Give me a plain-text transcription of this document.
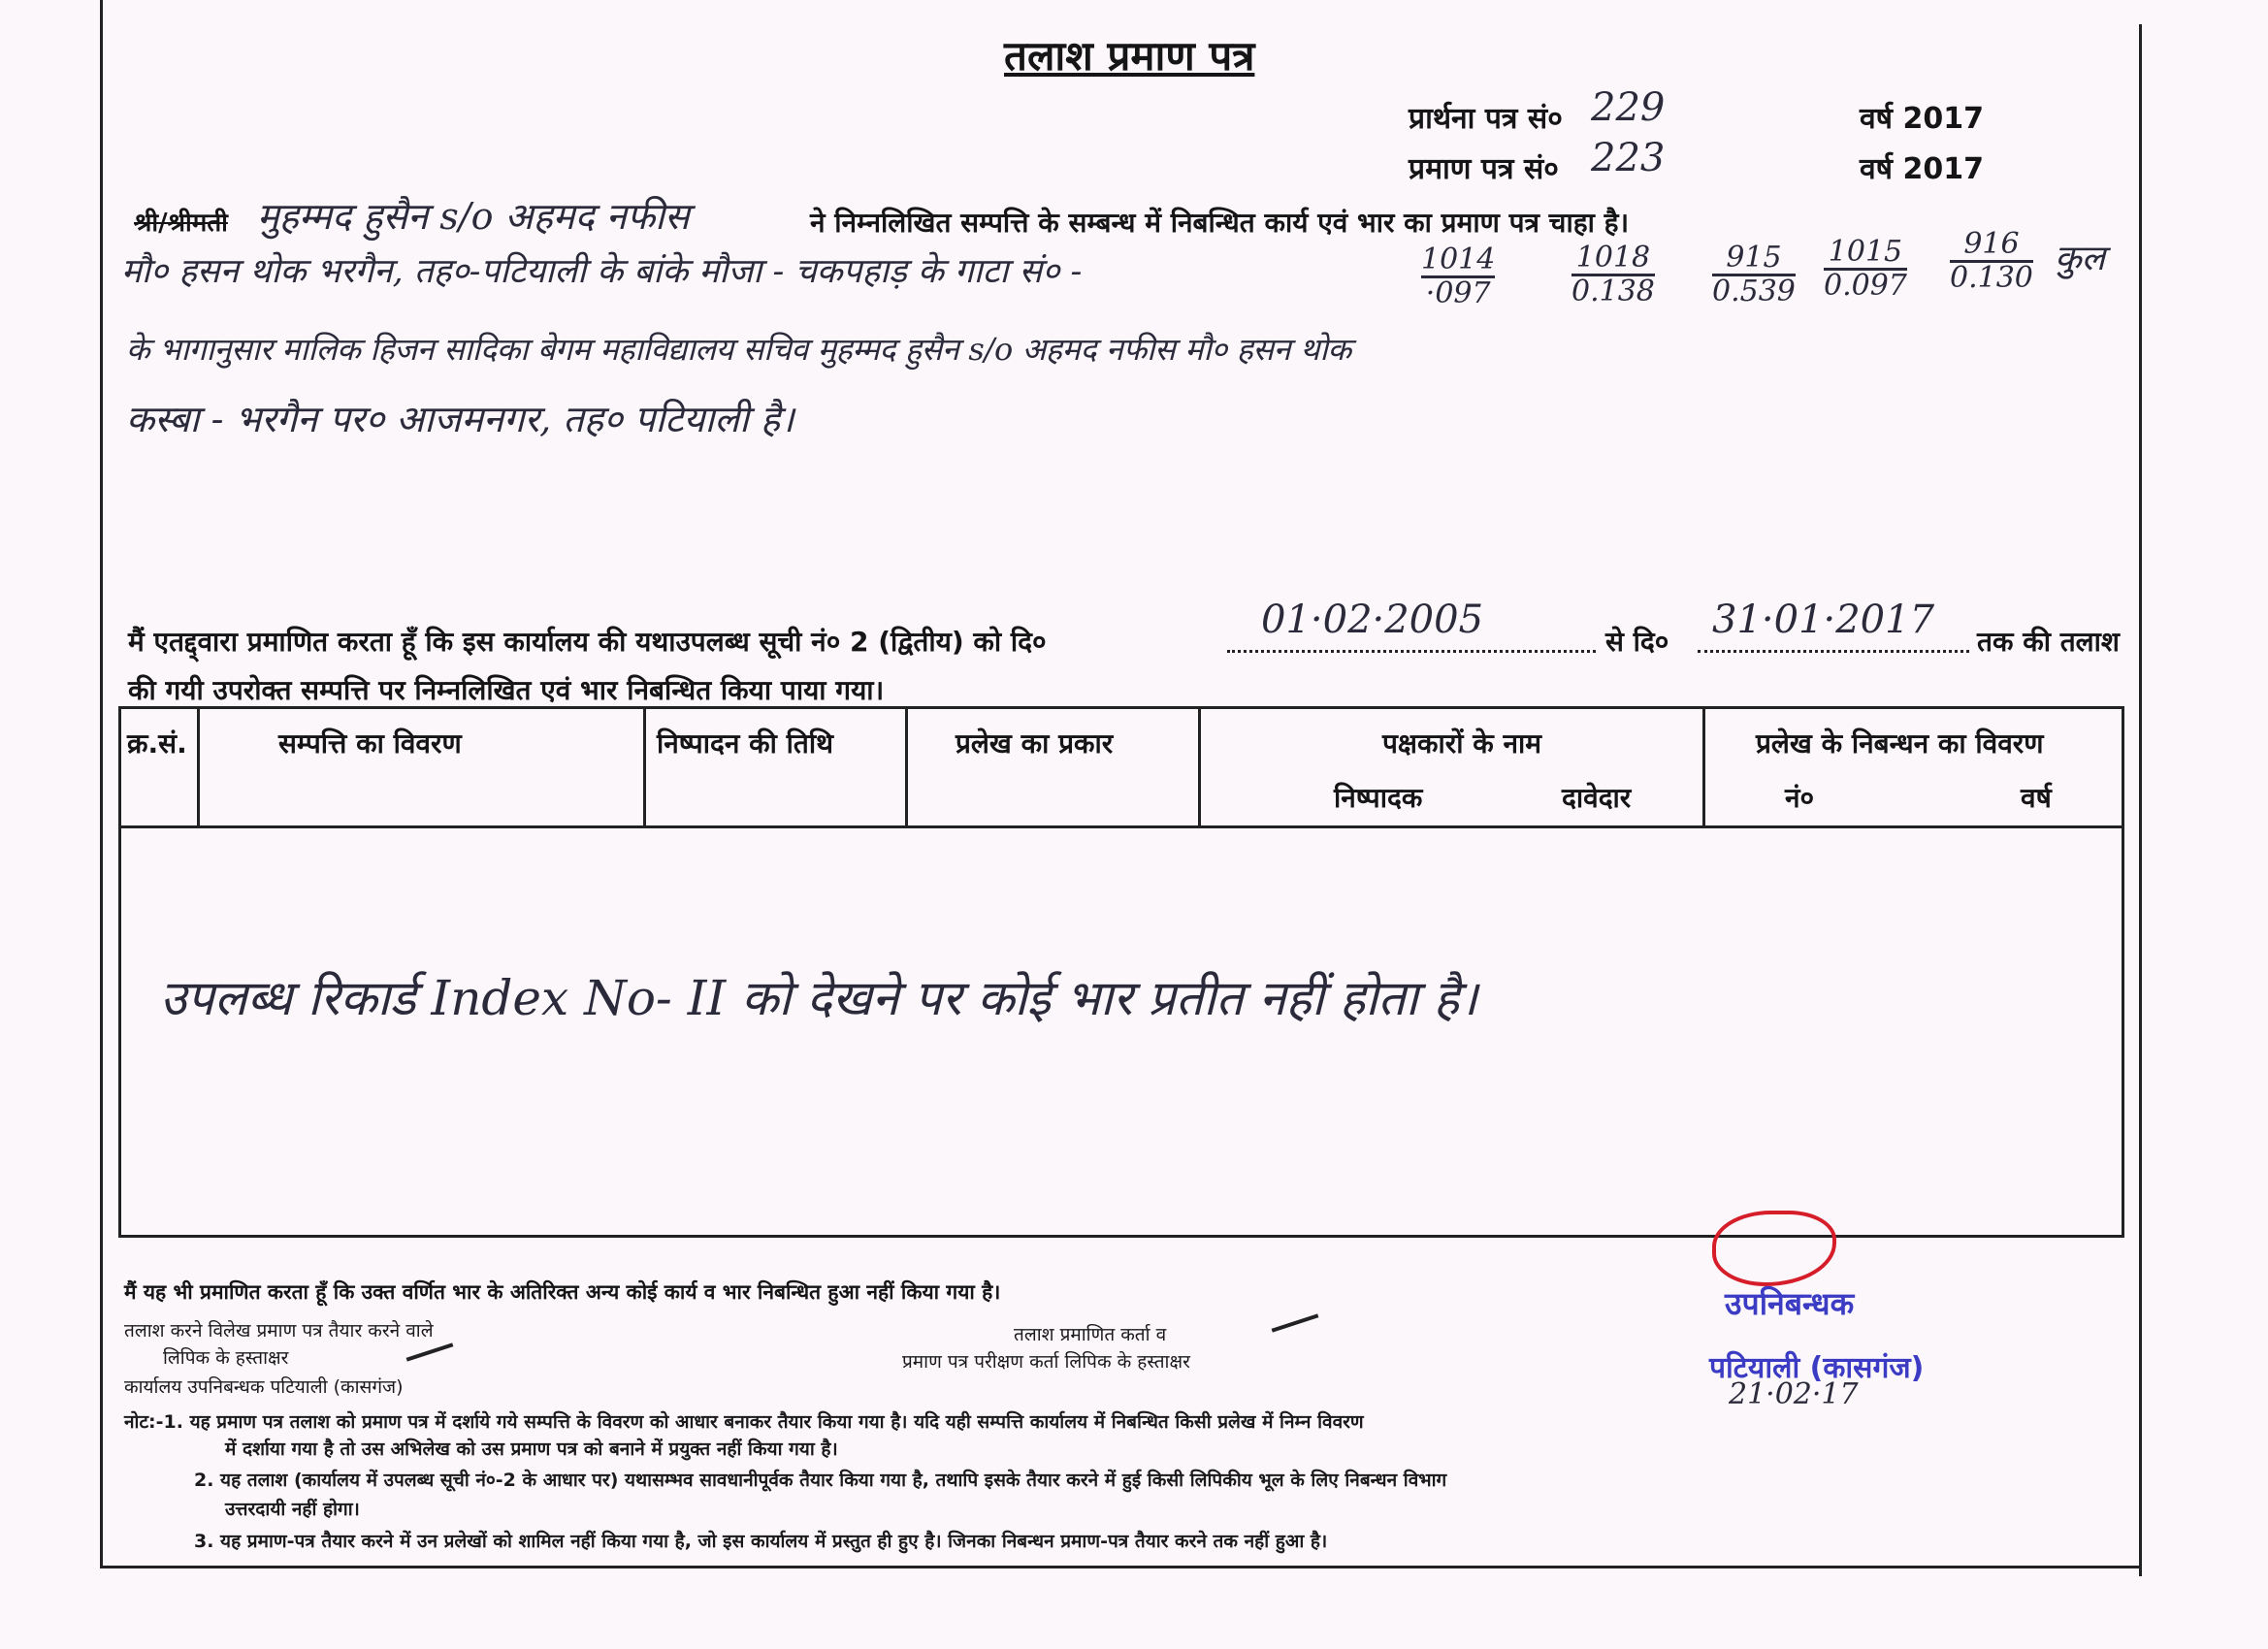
तलाश प्रमाण पत्र
प्रार्थना पत्र सं० 229	वर्ष 2017
प्रमाण पत्र सं० 223	वर्ष 2017
श्री/श्रीमती मुहम्मद हुसैन s/o अहमद नफीस	ने निम्नलिखित सम्पत्ति के सम्बन्ध में निबन्धित कार्य एवं भार का प्रमाण पत्र चाहा है।
मौ० हसन थोक भरगैन, तह०-पटियाली के बांके मौजा - चकपहाड़ के गाटा सं० -	$\frac{1014}{\cdot 097}$	$\frac{1018}{0.138} \frac{915}{0.539} \frac{1015}{0.097} \frac{916}{0.130}$ कुल
के भागानुसार मालिक हिजन सादिका बेगम महाविद्यालय सचिव मुहम्मद हुसैन s/o अहमद नफीस मौ० हसन थोक
कस्बा - भरगैन पर० आजमनगर, तह० पटियाली है।
मैं एतद्द्वारा प्रमाणित करता हूँ कि इस कार्यालय की यथाउपलब्ध सूची नं० 2 (द्वितीय) को दि०	01·02·2005	से दि० 31·01·2017 तक की तलाश
की गयी उपरोक्त सम्पत्ति पर निम्नलिखित एवं भार निबन्धित किया पाया गया।
क्र.सं.	सम्पत्ति का विवरण	निष्पादन की तिथि	प्रलेख का प्रकार	पक्षकारों के नाम	प्रलेख के निबन्धन का विवरण
निष्पादक	दावेदार	नं०	वर्ष
उपलब्ध रिकार्ड Index No- II को देखने पर कोई भार प्रतीत नहीं होता है।
मैं यह भी प्रमाणित करता हूँ कि उक्त वर्णित भार के अतिरिक्त अन्य कोई कार्य व भार निबन्धित हुआ नहीं किया गया है।
तलाश करने विलेख प्रमाण पत्र तैयार करने वाले
लिपिक के हस्ताक्षर
कार्यालय उपनिबन्धक पटियाली (कासगंज)
तलाश प्रमाणित कर्ता व
प्रमाण पत्र परीक्षण कर्ता लिपिक के हस्ताक्षर
उपनिबन्धक
पटियाली (कासगंज)
21·02·17
नोट:-1. यह प्रमाण पत्र तलाश को प्रमाण पत्र में दर्शाये गये सम्पत्ति के विवरण को आधार बनाकर तैयार किया गया है। यदि यही सम्पत्ति कार्यालय में निबन्धित किसी प्रलेख में निम्न विवरण
में दर्शाया गया है तो उस अभिलेख को उस प्रमाण पत्र को बनाने में प्रयुक्त नहीं किया गया है।
2. यह तलाश (कार्यालय में उपलब्ध सूची नं०-2 के आधार पर) यथासम्भव सावधानीपूर्वक तैयार किया गया है, तथापि इसके तैयार करने में हुई किसी लिपिकीय भूल के लिए निबन्धन विभाग
उत्तरदायी नहीं होगा।
3. यह प्रमाण-पत्र तैयार करने में उन प्रलेखों को शामिल नहीं किया गया है, जो इस कार्यालय में प्रस्तुत ही हुए है। जिनका निबन्धन प्रमाण-पत्र तैयार करने तक नहीं हुआ है।
